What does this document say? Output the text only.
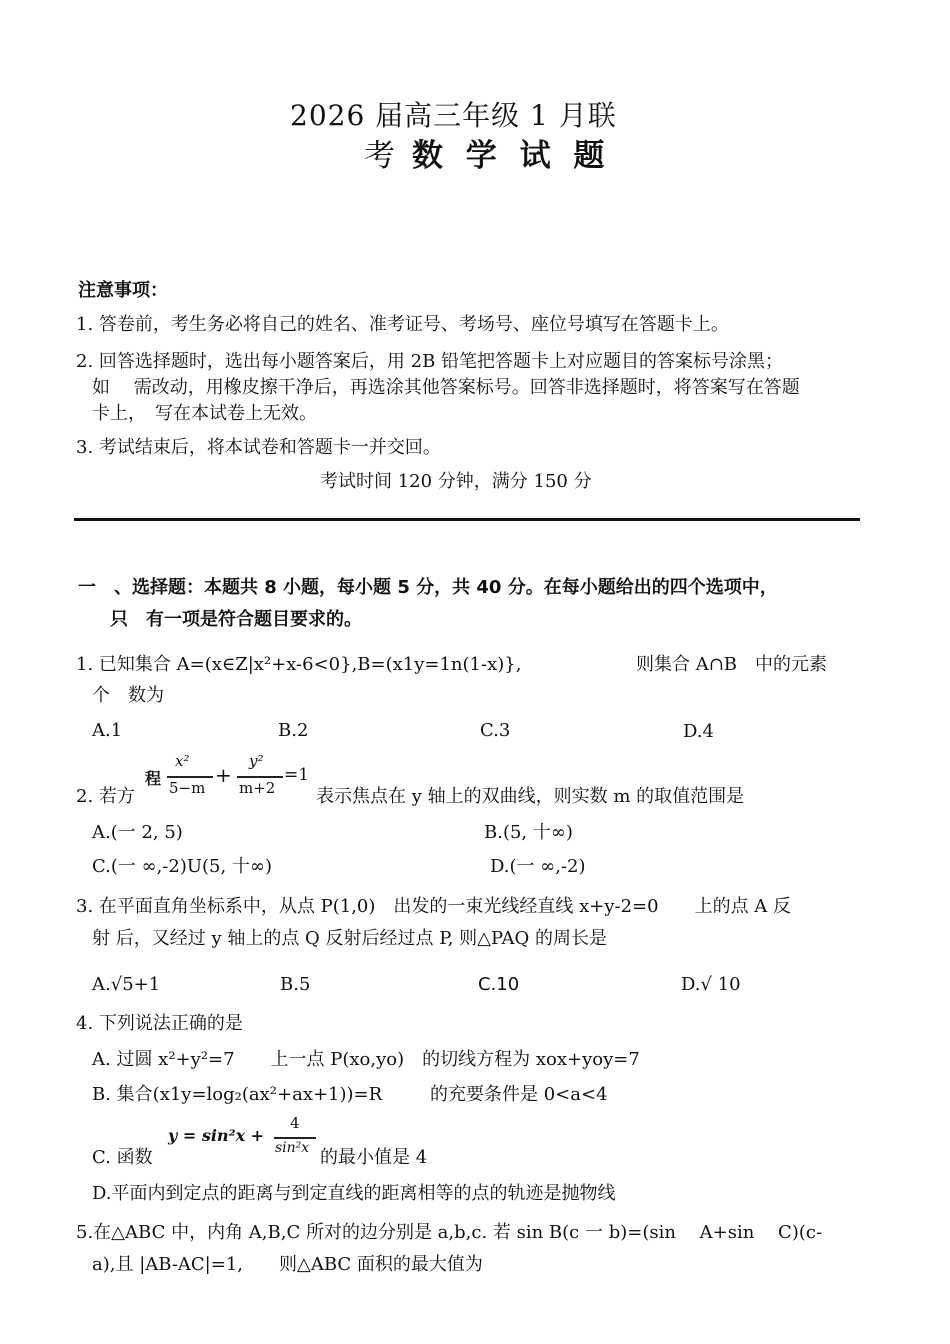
2026 届高三年级 1 月联
考 数 学 试 题
注意事项：
1. 答卷前，考生务必将自己的姓名、准考证号、考场号、座位号填写在答题卡上。
2. 回答选择题时，选出每小题答案后，用 2B 铅笔把答题卡上对应题目的答案标号涂黑；
如　 需改动，用橡皮擦干净后，再选涂其他答案标号。回答非选择题时，将答案写在答题
卡上，　写在本试卷上无效。
3. 考试结束后，将本试卷和答题卡一并交回。
考试时间 120 分钟，满分 150 分
一　、选择题：本题共 8 小题，每小题 5 分，共 40 分。在每小题给出的四个选项中，
只　有一项是符合题目要求的。
1. 已知集合 A=(x∈Z|x²+x-6<0},B=(x1y=1n(1-x)},	则集合 A∩B　中的元素
个　数为
A.1	B.2	C.3	D.4
2. 若方
程
x²
5−m
+
y²
m+2
=1
表示焦点在 y 轴上的双曲线，则实数 m 的取值范围是
A.(一 2, 5)	B.(5, 十∞)
C.(一 ∞,-2)U(5, 十∞)	D.(一 ∞,-2)
3. 在平面直角坐标系中，从点 P(1,0)　出发的一束光线经直线 x+y-2=0　　上的点 A 反
射 后，又经过 y 轴上的点 Q 反射后经过点 P, 则△PAQ 的周长是
A.√5+1	B.5	C.10	D.√ 10
4. 下列说法正确的是
A. 过圆 x²+y²=7　　上一点 P(xo,yo)　的切线方程为 xox+yoy=7
B. 集合(x1y=log₂(ax²+ax+1))=R	的充要条件是 0<a<4
C. 函数
y = sin²x +
4
sin²x 的最小值是 4
D.平面内到定点的距离与到定直线的距离相等的点的轨迹是抛物线
5.在△ABC 中，内角 A,B,C 所对的边分别是 a,b,c. 若 sin B(c 一 b)=(sin　 A+sin　 C)(c-
a),且 |AB-AC|=1,　　则△ABC 面积的最大值为
